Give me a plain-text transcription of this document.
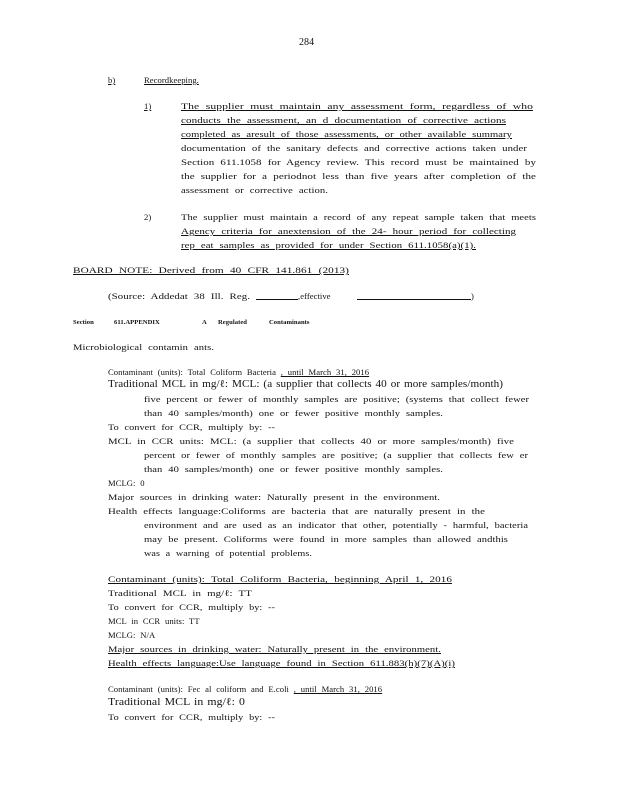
284
b)	Recordkeeping.
1)	The supplier must maintain any assessment form, regardless of who
conducts the assessment, an d documentation of corrective actions
completed as aresult of those assessments, or other available summary
documentation of the sanitary defects and corrective actions taken under
Section 611.1058 for Agency review. This record must be maintained by
the supplier for a periodnot less than five years after completion of the
assessment or corrective action.
2)	The supplier must maintain a record of any repeat sample taken that meets
Agency criteria for anextension of the 24- hour period for collecting
rep eat samples as provided for under Section 611.1058(a)(1).
BOARD NOTE: Derived from 40 CFR 141.861 (2013)
(Source: Addedat 38 Ill. Reg.	,effective	)
Section	611.APPENDIX	A Regulated	Contaminants
Microbiological contamin ants.
Contaminant (units): Total Coliform Bacteria , until March 31, 2016
Traditional MCL in mg/ℓ: MCL: (a supplier that collects 40 or more samples/month)
five percent or fewer of monthly samples are positive; (systems that collect fewer
than 40 samples/month) one or fewer positive monthly samples.
To convert for CCR, multiply by: --
MCL in CCR units: MCL: (a supplier that collects 40 or more samples/month) five
percent or fewer of monthly samples are positive; (a supplier that collects few er
than 40 samples/month) one or fewer positive monthly samples.
MCLG: 0
Major sources in drinking water: Naturally present in the environment.
Health effects language:Coliforms are bacteria that are naturally present in the
environment and are used as an indicator that other, potentially - harmful, bacteria
may be present. Coliforms were found in more samples than allowed andthis
was a warning of potential problems.
Contaminant (units): Total Coliform Bacteria, beginning April 1, 2016
Traditional MCL in mg/ℓ: TT
To convert for CCR, multiply by: --
MCL in CCR units: TT
MCLG: N/A
Major sources in drinking water: Naturally present in the environment.
Health effects language:Use language found in Section 611.883(h)(7)(A)(i)
Contaminant (units): Fec al coliform and E.coli , until March 31, 2016
Traditional MCL in mg/ℓ: 0
To convert for CCR, multiply by: --
